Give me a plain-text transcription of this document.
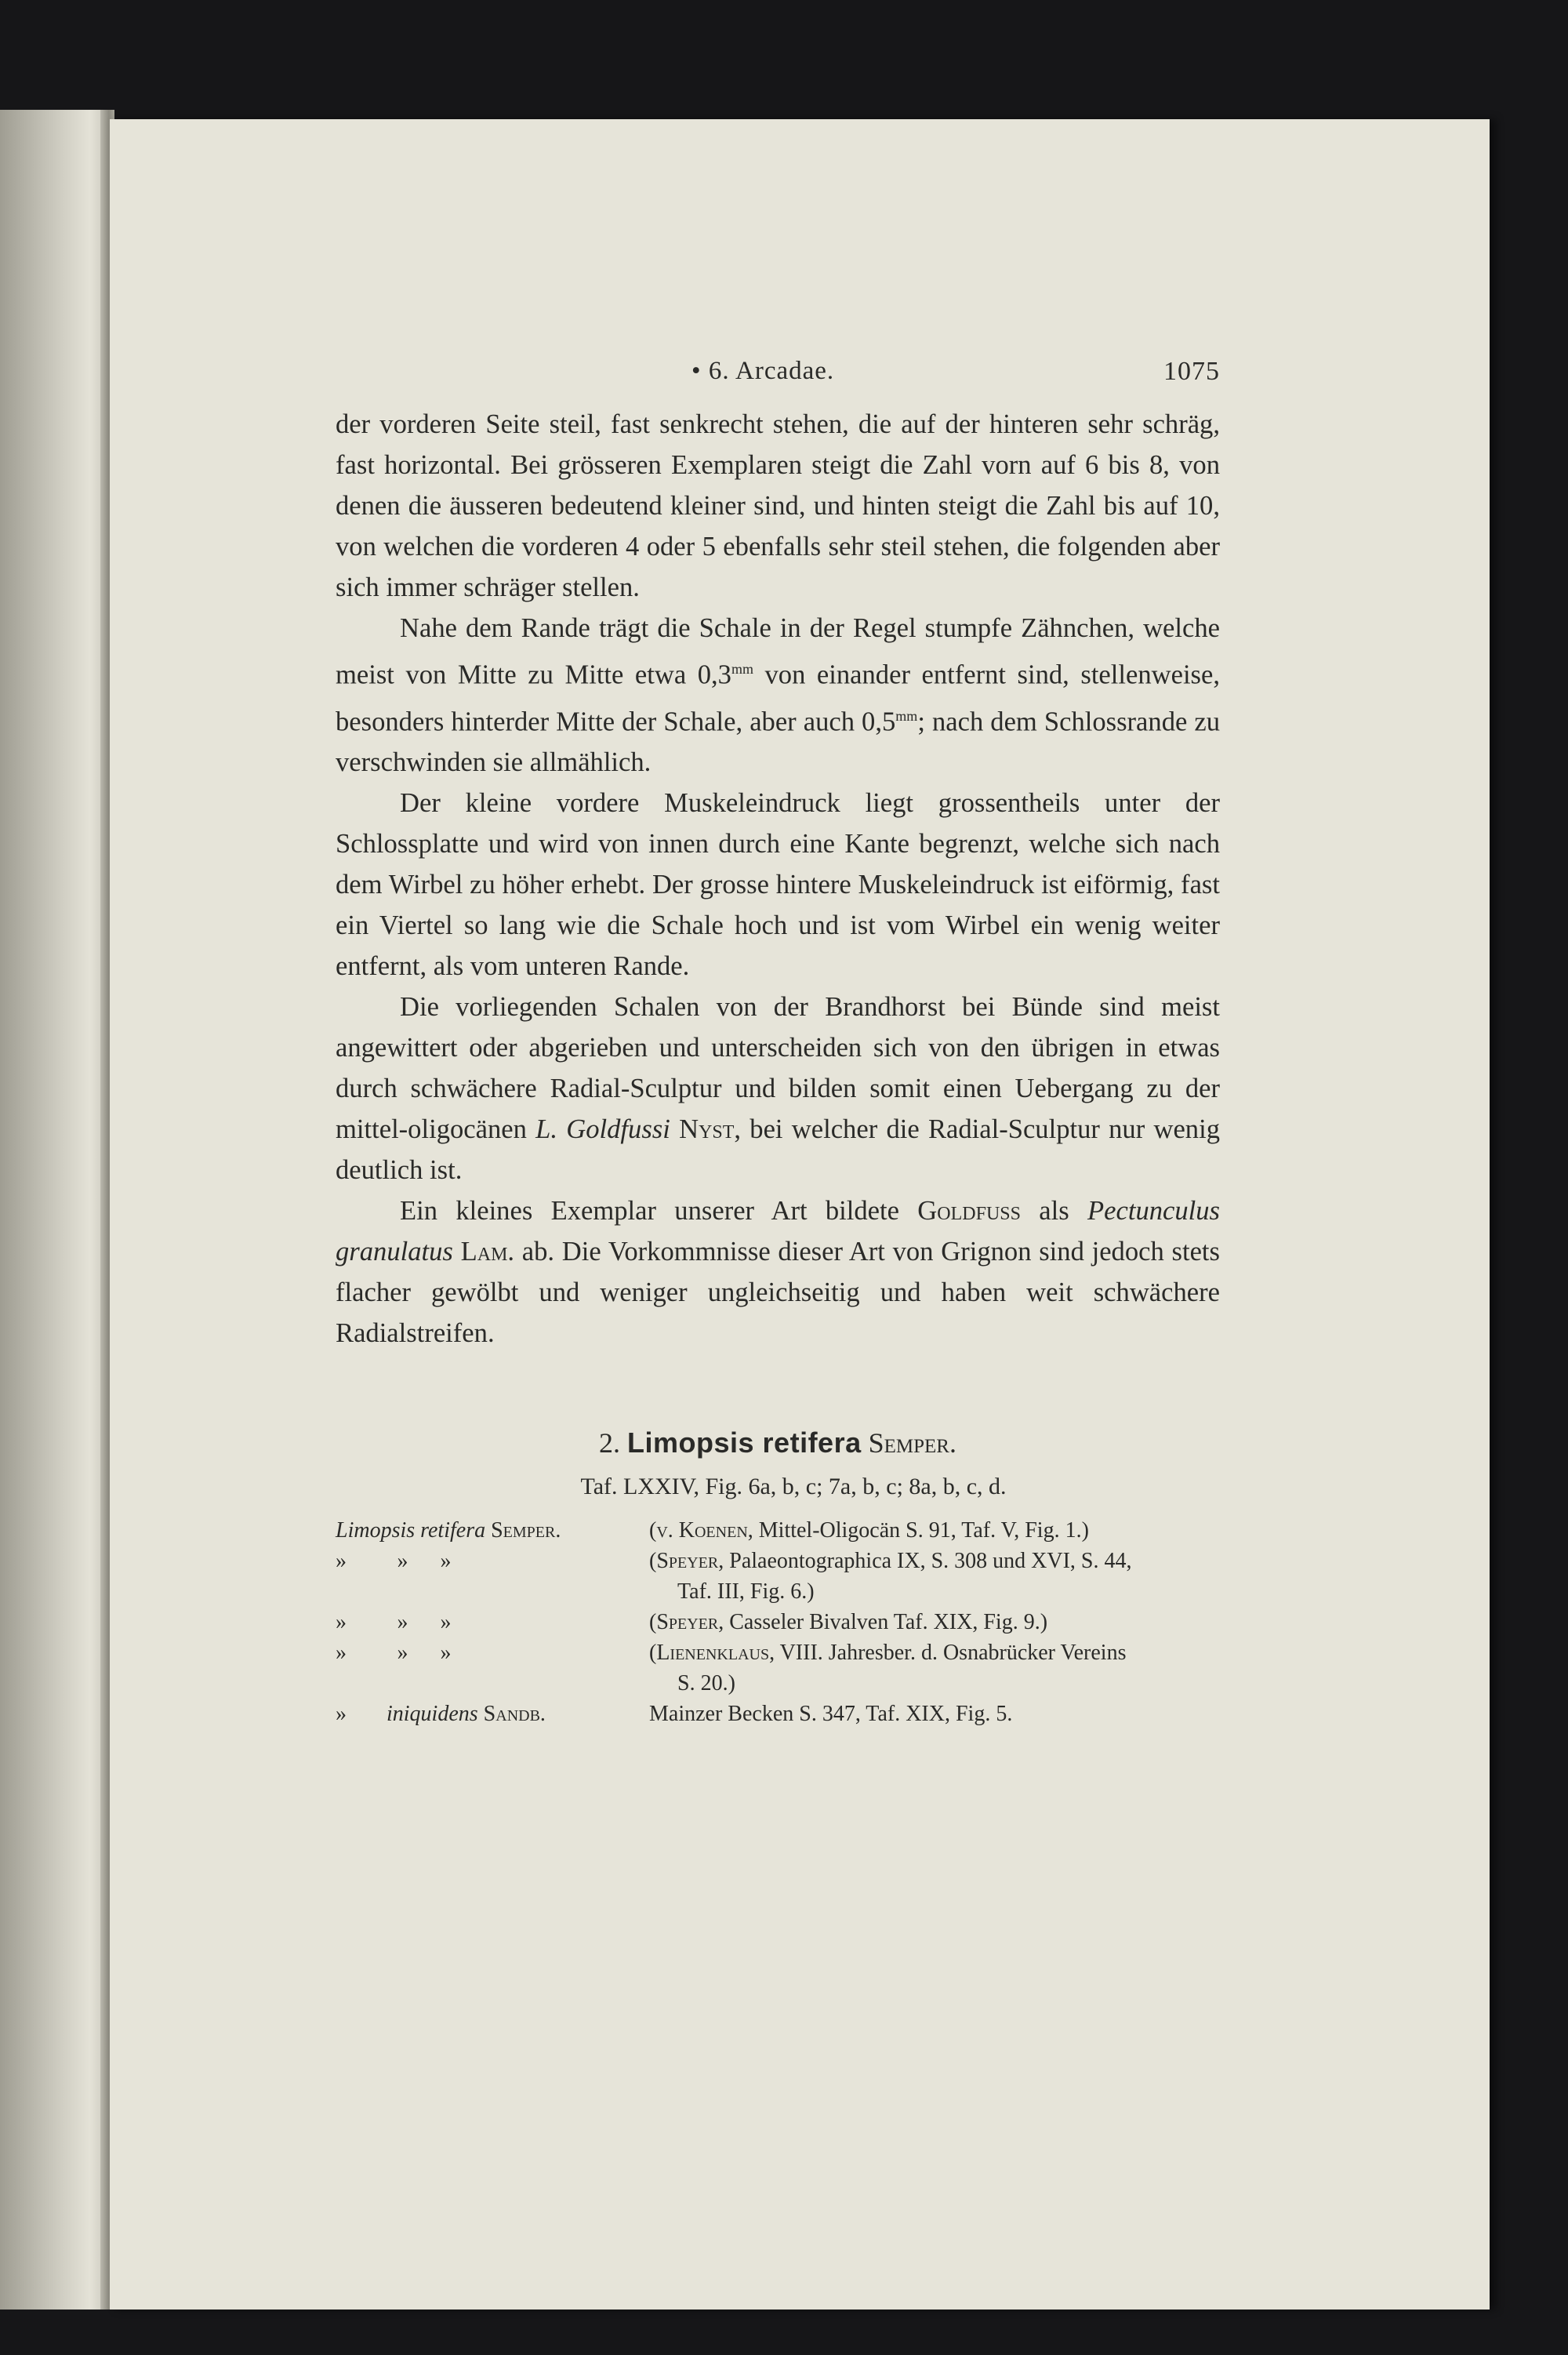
• 6. Arcadae.	1075

der vorderen Seite steil, fast senkrecht stehen, die auf der hinteren sehr schräg, fast horizontal. Bei grösseren Exemplaren steigt die Zahl vorn auf 6 bis 8, von denen die äusseren bedeutend kleiner sind, und hinten steigt die Zahl bis auf 10, von welchen die vorderen 4 oder 5 ebenfalls sehr steil stehen, die folgenden aber sich immer schräger stellen.

Nahe dem Rande trägt die Schale in der Regel stumpfe Zähnchen, welche meist von Mitte zu Mitte etwa $0,3^{mm}$ von einander entfernt sind, stellenweise, besonders hinterder Mitte der Schale, aber auch $0,5^{mm}$; nach dem Schlossrande zu verschwinden sie allmählich.

Der kleine vordere Muskeleindruck liegt grossentheils unter der Schlossplatte und wird von innen durch eine Kante begrenzt, welche sich nach dem Wirbel zu höher erhebt. Der grosse hintere Muskeleindruck ist eiförmig, fast ein Viertel so lang wie die Schale hoch und ist vom Wirbel ein wenig weiter entfernt, als vom unteren Rande.

Die vorliegenden Schalen von der Brandhorst bei Bünde sind meist angewittert oder abgerieben und unterscheiden sich von den übrigen in etwas durch schwächere Radial-Sculptur und bilden somit einen Uebergang zu der mittel-oligocänen L. Goldfussi Nyst, bei welcher die Radial-Sculptur nur wenig deutlich ist.

Ein kleines Exemplar unserer Art bildete Goldfuss als Pectunculus granulatus Lam. ab. Die Vorkommnisse dieser Art von Grignon sind jedoch stets flacher gewölbt und weniger ungleichseitig und haben weit schwächere Radialstreifen.

2. Limopsis retifera Semper.
Taf. LXXIV, Fig. 6a, b, c; 7a, b, c; 8a, b, c, d.
Limopsis retifera Semper.	(v. Koenen, Mittel-Oligocän S. 91, Taf. V, Fig. 1.)
» » »	(Speyer, Palaeontographica IX, S. 308 und XVI, S. 44,
Taf. III, Fig. 6.)
» » »	(Speyer, Casseler Bivalven Taf. XIX, Fig. 9.)
» » »	(Lienenklaus, VIII. Jahresber. d. Osnabrücker Vereins
S. 20.)
» iniquidens Sandb.	Mainzer Becken S. 347, Taf. XIX, Fig. 5.
